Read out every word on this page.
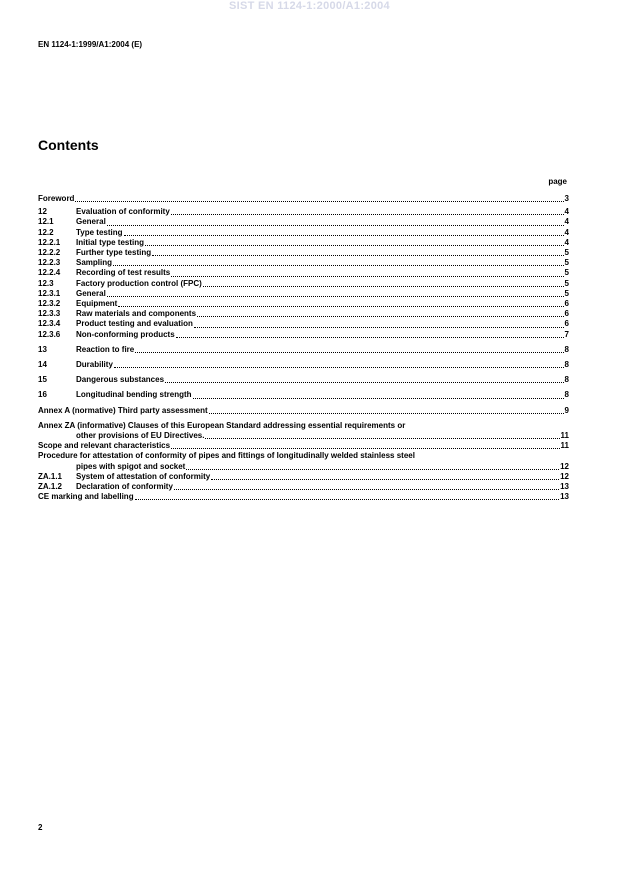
SIST EN 1124-1:2000/A1:2004
EN 1124-1:1999/A1:2004 (E)
Contents
page
Foreword	3
12	Evaluation of conformity	4
12.1	General	4
12.2	Type testing	4
12.2.1	Initial type testing	4
12.2.2	Further type testing	5
12.2.3	Sampling	5
12.2.4	Recording of test results	5
12.3	Factory production control (FPC)	5
12.3.1	General	5
12.3.2	Equipment	6
12.3.3	Raw materials and components	6
12.3.4	Product testing and evaluation	6
12.3.6	Non-conforming products	7
13	Reaction to fire	8
14	Durability	8
15	Dangerous substances	8
16	Longitudinal bending strength	8
Annex A (normative) Third party assessment	9
Annex ZA (informative) Clauses of this European Standard addressing essential requirements or
other provisions of EU Directives.	11
Scope and relevant characteristics	11
Procedure for attestation of conformity of pipes and fittings of longitudinally welded stainless steel
pipes with spigot and socket	12
ZA.1.1	System of attestation of conformity	12
ZA.1.2	Declaration of conformity	13
CE marking and labelling	13
2
